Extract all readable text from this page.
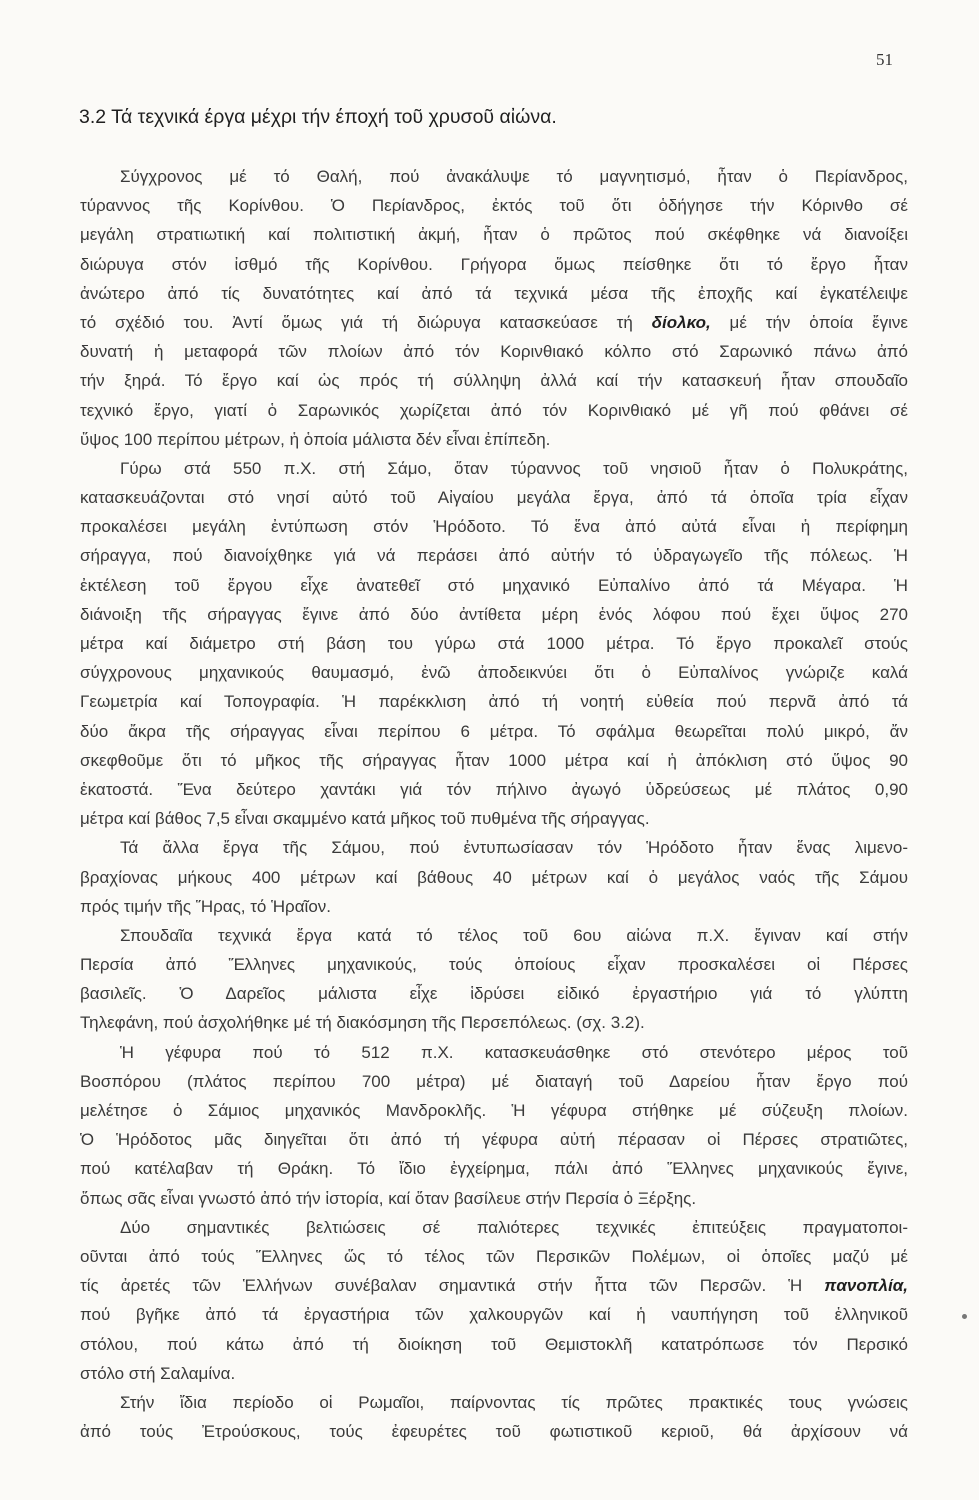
51
3.2 Τά τεχνικά έργα μέχρι τήν έποχή τοῦ χρυσοῦ αἰώνα.
Σύγχρονος μέ τό Θαλή, πού ἀνακάλυψε τό μαγνητισμό, ἦταν ὁ Περίανδρος,
τύραννος τῆς Κορίνθου. Ὁ Περίανδρος, ἐκτός τοῦ ὅτι ὁδήγησε τήν Κόρινθο σέ
μεγάλη στρατιωτική καί πολιτιστική ἀκμή, ἦταν ὁ πρῶτος πού σκέφθηκε νά διανοίξει
διώρυγα στόν ἰσθμό τῆς Κορίνθου. Γρήγορα ὅμως πείσθηκε ὅτι τό ἔργο ἦταν
ἀνώτερο ἀπό τίς δυνατότητες καί ἀπό τά τεχνικά μέσα τῆς ἐποχῆς καί ἐγκατέλειψε
τό σχέδιό του. Ἀντί ὅμως γιά τή διώρυγα κατασκεύασε τή δίολκο, μέ τήν ὁποία ἔγινε
δυνατή ἡ μεταφορά τῶν πλοίων ἀπό τόν Κορινθιακό κόλπο στό Σαρωνικό πάνω ἀπό
τήν ξηρά. Τό ἔργο καί ὡς πρός τή σύλληψη ἀλλά καί τήν κατασκευή ἦταν σπουδαῖο
τεχνικό ἔργο, γιατί ὁ Σαρωνικός χωρίζεται ἀπό τόν Κορινθιακό μέ γῆ πού φθάνει σέ
ὕψος 100 περίπου μέτρων, ἡ ὁποία μάλιστα δέν εἶναι ἐπίπεδη.
Γύρω στά 550 π.Χ. στή Σάμο, ὅταν τύραννος τοῦ νησιοῦ ἦταν ὁ Πολυκράτης,
κατασκευάζονται στό νησί αὐτό τοῦ Αἰγαίου μεγάλα ἔργα, ἀπό τά ὁποῖα τρία εἶχαν
προκαλέσει μεγάλη ἐντύπωση στόν Ἡρόδοτο. Τό ἕνα ἀπό αὐτά εἶναι ἡ περίφημη
σήραγγα, πού διανοίχθηκε γιά νά περάσει ἀπό αὐτήν τό ὑδραγωγεῖο τῆς πόλεως. Ἡ
ἐκτέλεση τοῦ ἔργου εἶχε ἀνατεθεῖ στό μηχανικό Εὐπαλίνο ἀπό τά Μέγαρα. Ἡ
διάνοιξη τῆς σήραγγας ἔγινε ἀπό δύο ἀντίθετα μέρη ἑνός λόφου πού ἔχει ὕψος 270
μέτρα καί διάμετρο στή βάση του γύρω στά 1000 μέτρα. Τό ἔργο προκαλεῖ στούς
σύγχρονους μηχανικούς θαυμασμό, ἐνῶ ἀποδεικνύει ὅτι ὁ Εὐπαλίνος γνώριζε καλά
Γεωμετρία καί Τοπογραφία. Ἡ παρέκκλιση ἀπό τή νοητή εὐθεία πού περνᾶ ἀπό τά
δύο ἄκρα τῆς σήραγγας εἶναι περίπου 6 μέτρα. Τό σφάλμα θεωρεῖται πολύ μικρό, ἄν
σκεφθοῦμε ὅτι τό μῆκος τῆς σήραγγας ἦταν 1000 μέτρα καί ἡ ἀπόκλιση στό ὕψος 90
ἑκατοστά. Ἕνα δεύτερο χαντάκι γιά τόν πήλινο ἀγωγό ὑδρεύσεως μέ πλάτος 0,90
μέτρα καί βάθος 7,5 εἶναι σκαμμένο κατά μῆκος τοῦ πυθμένα τῆς σήραγγας.
Τά ἄλλα ἔργα τῆς Σάμου, πού ἐντυπωσίασαν τόν Ἡρόδοτο ἦταν ἕνας λιμενο-
βραχίονας μήκους 400 μέτρων καί βάθους 40 μέτρων καί ὁ μεγάλος ναός τῆς Σάμου
πρός τιμήν τῆς Ἥρας, τό Ἡραῖον.
Σπουδαῖα τεχνικά ἔργα κατά τό τέλος τοῦ 6ου αἰώνα π.Χ. ἔγιναν καί στήν
Περσία ἀπό Ἕλληνες μηχανικούς, τούς ὁποίους εἶχαν προσκαλέσει οἱ Πέρσες
βασιλεῖς. Ὁ Δαρεῖος μάλιστα εἶχε ἱδρύσει εἰδικό ἐργαστήριο γιά τό γλύπτη
Τηλεφάνη, πού ἀσχολήθηκε μέ τή διακόσμηση τῆς Περσεπόλεως. (σχ. 3.2).
Ἡ γέφυρα πού τό 512 π.Χ. κατασκευάσθηκε στό στενότερο μέρος τοῦ
Βοσπόρου (πλάτος περίπου 700 μέτρα) μέ διαταγή τοῦ Δαρείου ἦταν ἔργο πού
μελέτησε ὁ Σάμιος μηχανικός Μανδροκλῆς. Ἡ γέφυρα στήθηκε μέ σύζευξη πλοίων.
Ὁ Ἡρόδοτος μᾶς διηγεῖται ὅτι ἀπό τή γέφυρα αὐτή πέρασαν οἱ Πέρσες στρατιῶτες,
πού κατέλαβαν τή Θράκη. Τό ἴδιο ἐγχείρημα, πάλι ἀπό Ἕλληνες μηχανικούς ἔγινε,
ὅπως σᾶς εἶναι γνωστό ἀπό τήν ἱστορία, καί ὅταν βασίλευε στήν Περσία ὁ Ξέρξης.
Δύο σημαντικές βελτιώσεις σέ παλιότερες τεχνικές ἐπιτεύξεις πραγματοποι-
οῦνται ἀπό τούς Ἕλληνες ὥς τό τέλος τῶν Περσικῶν Πολέμων, οἱ ὁποῖες μαζύ μέ
τίς ἀρετές τῶν Ἑλλήνων συνέβαλαν σημαντικά στήν ἧττα τῶν Περσῶν. Ἡ πανοπλία,
πού βγῆκε ἀπό τά ἐργαστήρια τῶν χαλκουργῶν καί ἡ ναυπήγηση τοῦ ἑλληνικοῦ
στόλου, πού κάτω ἀπό τή διοίκηση τοῦ Θεμιστοκλῆ κατατρόπωσε τόν Περσικό
στόλο στή Σαλαμίνα.
Στήν ἴδια περίοδο οἱ Ρωμαῖοι, παίρνοντας τίς πρῶτες πρακτικές τους γνώσεις
ἀπό τούς Ἐτρούσκους, τούς ἐφευρέτες τοῦ φωτιστικοῦ κεριοῦ, θά ἀρχίσουν νά
